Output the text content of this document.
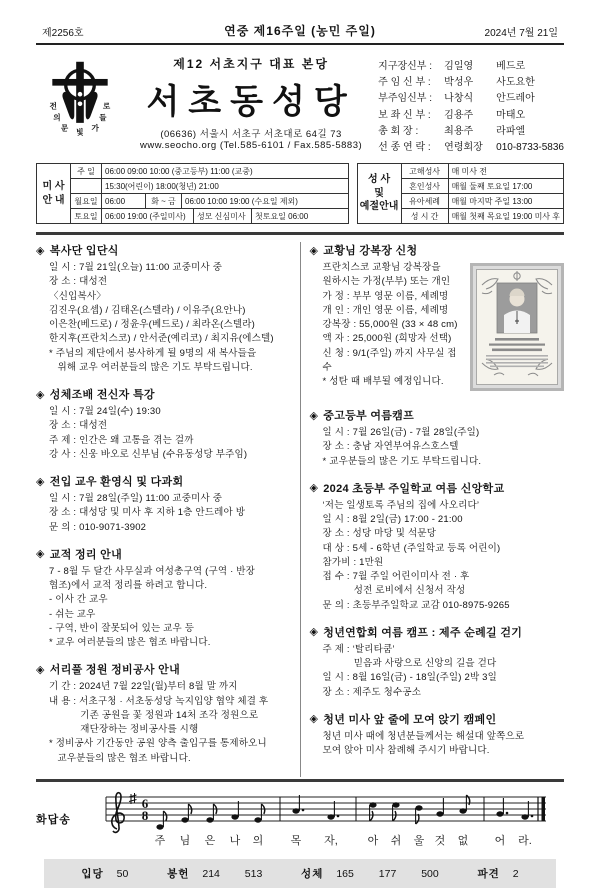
제2256호	연중 제16주일 (농민 주일)	2024년 7월 21일
전	로
의	들
문 빛 가
제12 서초지구 대표 본당
서초동성당
(06636) 서울시 서초구 서초대로 64길 73
www.seocho.org (Tel.585-6101 / Fax.585-5883)
지구장신부 : 김일영 베드로
주 임 신 부 : 박성우 사도요한
부주임신부 : 나창식 안드레아
보 좌 신 부 : 김용주 마태오
총 회 장 :	최용주 라파엘
선 종 연 락 : 연령회장 010-8733-5836
미 사
안 내
주 일	06:00 09:00 10:00 (중고등부) 11:00 (교중)
15:30(어린이) 18:00(청년) 21:00
월요일 06:00	화 ~ 금	06:00 10:00 19:00 (수요일 제외)
토요일 06:00 19:00 (주일미사)	성모 신심미사	첫토요일 06:00
성 사
및
예절안내
고해성사	매 미사 전
혼인성사	매월 둘째 토요일 17:00
유아세례	매월 마지막 주일 13:00
성 시 간	매월 첫째 목요일 19:00 미사 후
◈ 복사단 입단식
일 시 : 7월 21일(오늘) 11:00 교중미사 중
장 소 : 대성전
〈신입복사〉
김진우(요셉) / 김태온(스텔라) / 이유주(요안나)
이은찬(베드로) / 정윤우(베드로) / 최라온(스텔라)
한지후(프란치스코) / 안서준(예리코) / 최지유(에스텔)
* 주님의 제단에서 봉사하게 될 9명의 새 복사들을
위해 교우 여러분들의 많은 기도 부탁드립니다.
◈ 성체조배 전신자 특강
일 시 : 7월 24일(수) 19:30
장 소 : 대성전
주 제 : 인간은 왜 고통을 겪는 걸까
강 사 : 신웅 바오로 신부님 (수유동성당 부주임)
◈ 전입 교우 환영식 및 다과회
일 시 : 7월 28일(주일) 11:00 교중미사 중
장 소 : 대성당 및 미사 후 지하 1층 안드레아 방
문 의 : 010-9071-3902
◈ 교적 정리 안내
7 - 8월 두 달간 사무실과 여성총구역 (구역 · 반장
협조)에서 교적 정리를 하려고 합니다.
- 이사 간 교우
- 쉬는 교우
- 구역, 반이 잘못되어 있는 교우 등
* 교우 여러분들의 많은 협조 바랍니다.
◈ 서리풀 정원 정비공사 안내
기 간 : 2024년 7월 22일(월)부터 8월 말 까지
내 용 : 서초구청 · 서초동성당 녹지입양 협약 체결 후
기존 공원을 꽃 정원과 14처 조각 정원으로
재단장하는 정비공사를 시행
* 정비공사 기간동안 공원 양측 출입구를 통제하오니
교우분들의 많은 협조 바랍니다.
◈ 교황님 강복장 신청
프란치스코 교황님 강복장을
원하시는 가정(부부) 또는 개인
가 정 : 부부 영문 이름, 세례명
개 인 : 개인 영문 이름, 세례명
강복장 : 55,000원 (33 × 48 cm)
액 자 : 25,000원 (희망자 선택)
신 청 : 9/1(주일) 까지 사무실 접수
* 성탄 때 배부될 예정입니다.
◈ 중고등부 여름캠프
일 시 : 7월 26일(금) - 7월 28일(주일)
장 소 : 충남 자연부여유스호스텔
* 교우분들의 많은 기도 부탁드립니다.
◈ 2024 초등부 주일학교 여름 신앙학교
‘저는 일생토록 주님의 집에 사오리다’
일 시 : 8월 2일(금) 17:00 - 21:00
장 소 : 성당 마당 및 석문당
대 상 : 5세 - 6학년 (주일학교 등록 어린이)
참가비 : 1만원
접 수 : 7월 주일 어린이미사 전 · 후
성전 로비에서 신청서 작성
문 의 : 초등부주일학교 교감 010-8975-9265
◈ 청년연합회 여름 캠프 : 제주 순례길 걷기
주 제 : ‘탈리타쿰’
믿음과 사랑으로 신앙의 길을 걷다
일 시 : 8월 16일(금) - 18일(주일) 2박 3일
장 소 : 제주도 청수공소
◈ 청년 미사 앞 줄에 모여 앉기 캠페인
청년 미사 때에 청년분들께서는 해설대 앞쪽으로
모여 앉아 미사 참례해 주시기 바랍니다.
화답송
6
8
주 님 은 나 의 목 자,	아 쉬 울 것 없 어 라.
입당 50	봉헌 214 513	성체 165 177 500	파견 2
